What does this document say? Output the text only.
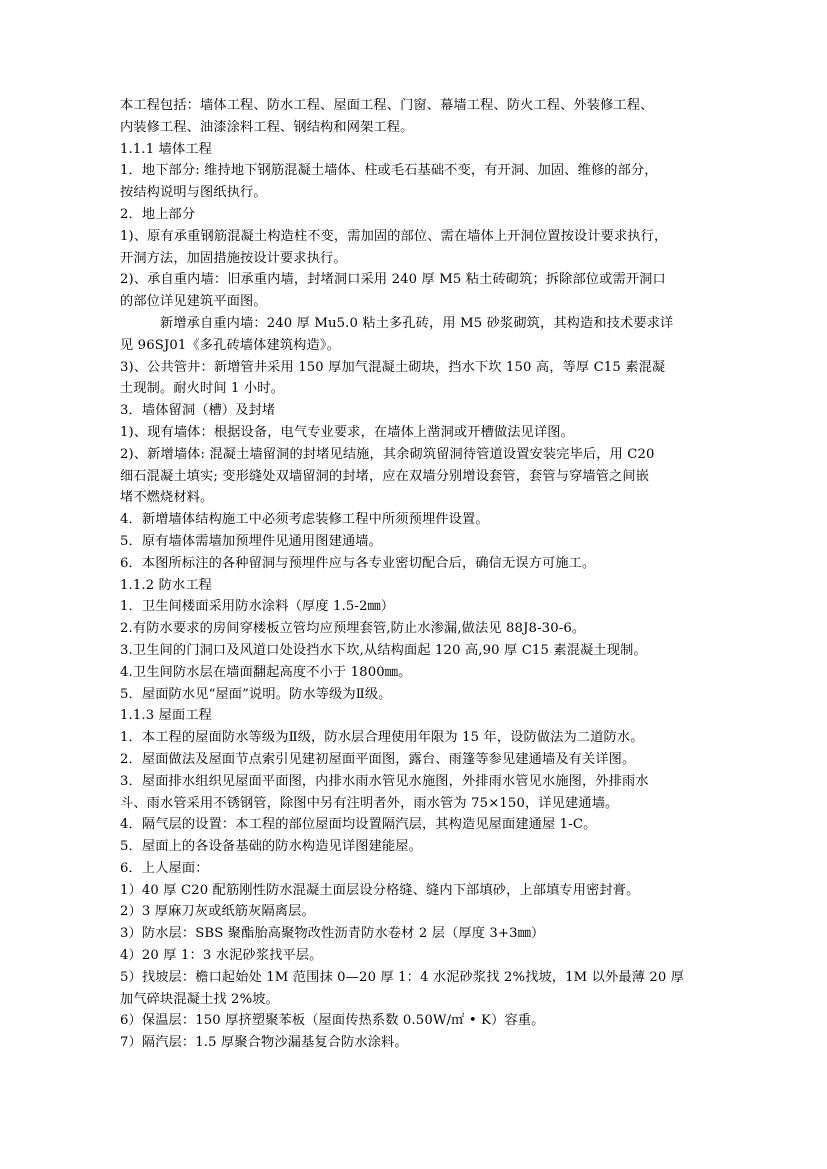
本工程包括：墙体工程、防水工程、屋面工程、门窗、幕墙工程、防火工程、外装修工程、
内装修工程、油漆涂料工程、钢结构和网架工程。
1.1.1 墙体工程
1．地下部分: 维持地下钢筋混凝土墙体、柱或毛石基础不变，有开洞、加固、维修的部分，
按结构说明与图纸执行。
2．地上部分
1)、原有承重钢筋混凝土构造柱不变，需加固的部位、需在墙体上开洞位置按设计要求执行，
开洞方法，加固措施按设计要求执行。
2)、承自重内墙：旧承重内墙，封堵洞口采用 240 厚 M5 粘土砖砌筑；拆除部位或需开洞口
的部位详见建筑平面图。
新增承自重内墙：240 厚 Mu5.0 粘土多孔砖，用 M5 砂浆砌筑，其构造和技术要求详
见 96SJ01《多孔砖墙体建筑构造》。
3)、公共管井：新增管井采用 150 厚加气混凝土砌块，挡水下坎 150 高，等厚 C15 素混凝
土现制。耐火时间 1 小时。
3．墙体留洞（槽）及封堵
1)、现有墙体：根据设备，电气专业要求，在墙体上凿洞或开槽做法见详图。
2)、新增墙体: 混凝土墙留洞的封堵见结施，其余砌筑留洞待管道设置安装完毕后，用 C20
细石混凝土填实; 变形缝处双墙留洞的封堵，应在双墙分别增设套管，套管与穿墙管之间嵌
堵不燃烧材料。
4．新增墙体结构施工中必须考虑装修工程中所须预埋件设置。
5．原有墙体需墙加预埋件见通用图建通墙。
6．本图所标注的各种留洞与预埋件应与各专业密切配合后，确信无误方可施工。
1.1.2 防水工程
1．卫生间楼面采用防水涂料（厚度 1.5-2㎜）
2.有防水要求的房间穿楼板立管均应预埋套管,防止水渗漏,做法见 88J8-30-6。
3.卫生间的门洞口及风道口处设挡水下坎,从结构面起 120 高,90 厚 C15 素混凝土现制。
4.卫生间防水层在墙面翻起高度不小于 1800㎜。
5．屋面防水见“屋面”说明。防水等级为Ⅱ级。
1.1.3 屋面工程
1．本工程的屋面防水等级为Ⅱ级，防水层合理使用年限为 15 年，设防做法为二道防水。
2．屋面做法及屋面节点索引见建初屋面平面图，露台、雨篷等参见建通墙及有关详图。
3．屋面排水组织见屋面平面图，内排水雨水管见水施图，外排雨水管见水施图，外排雨水
斗、雨水管采用不锈钢管，除图中另有注明者外，雨水管为 75×150，详见建通墙。
4．隔气层的设置：本工程的部位屋面均设置隔汽层，其构造见屋面建通屋 1-C。
5．屋面上的各设备基础的防水构造见详图建能屋。
6．上人屋面：
1）40 厚 C20 配筋刚性防水混凝土面层设分格缝、缝内下部填砂，上部填专用密封膏。
2）3 厚麻刀灰或纸筋灰隔离层。
3）防水层：SBS 聚酯胎高聚物改性沥青防水卷材 2 层（厚度 3+3㎜）
4）20 厚 1：3 水泥砂浆找平层。
5）找坡层：檐口起始处 1M 范围抹 0—20 厚 1：4 水泥砂浆找 2%找坡，1M 以外最薄 20 厚
加气碎块混凝土找 2%坡。
6）保温层：150 厚挤塑聚苯板（屋面传热系数 0.50W/㎡ • K）容重。
7）隔汽层：1.5 厚聚合物沙漏基复合防水涂料。
